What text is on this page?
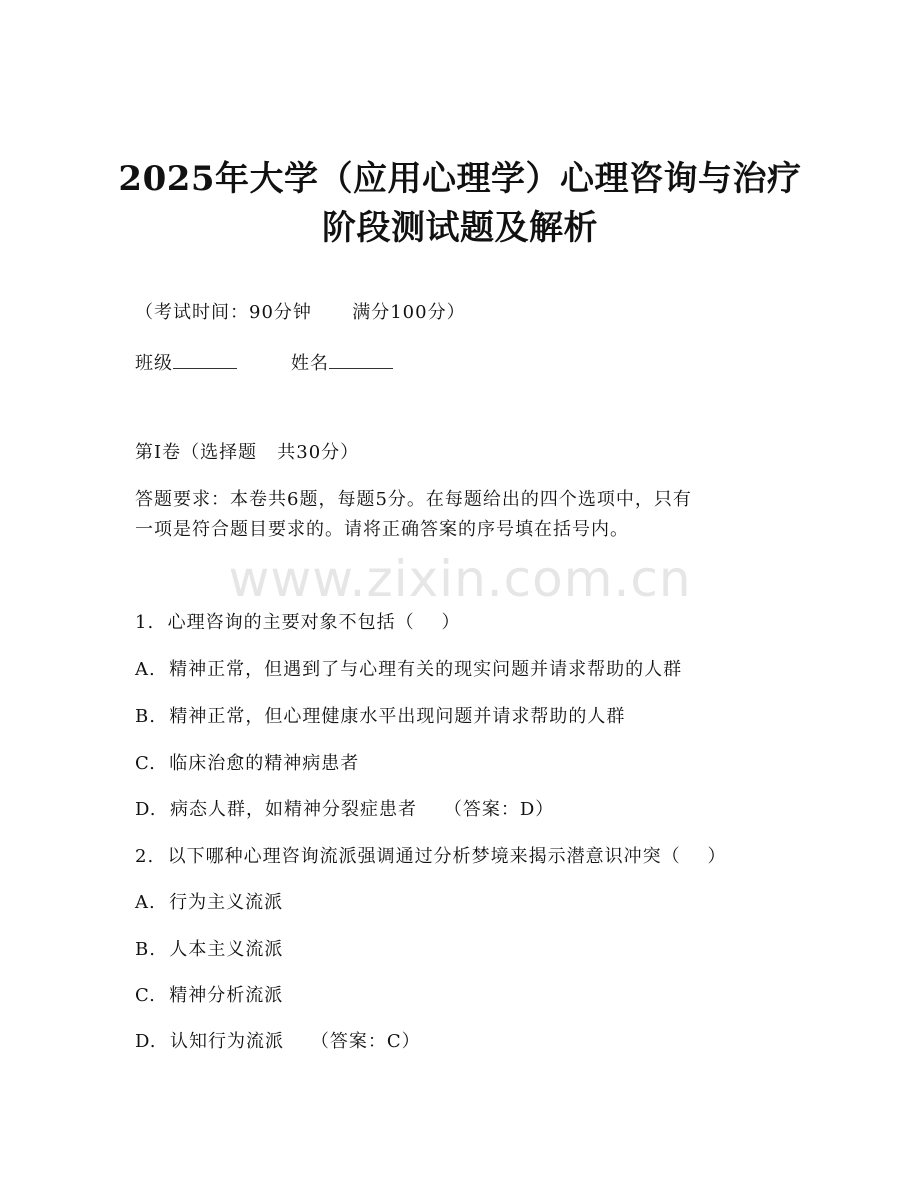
2025年大学（应用心理学）心理咨询与治疗
阶段测试题及解析
（考试时间：90分钟      满分100分）
班级	姓名
第Ⅰ卷（选择题   共30分）
答题要求：本卷共6题，每题5分。在每题给出的四个选项中，只有
一项是符合题目要求的。请将正确答案的序号填在括号内。
www.zixin.com.cn
1.  心理咨询的主要对象不包括（    ）
A.  精神正常，但遇到了与心理有关的现实问题并请求帮助的人群
B.  精神正常，但心理健康水平出现问题并请求帮助的人群
C.  临床治愈的精神病患者
D.  病态人群，如精神分裂症患者    （答案：D）
2.  以下哪种心理咨询流派强调通过分析梦境来揭示潜意识冲突（    ）
A.  行为主义流派
B.  人本主义流派
C.  精神分析流派
D.  认知行为流派    （答案：C）
